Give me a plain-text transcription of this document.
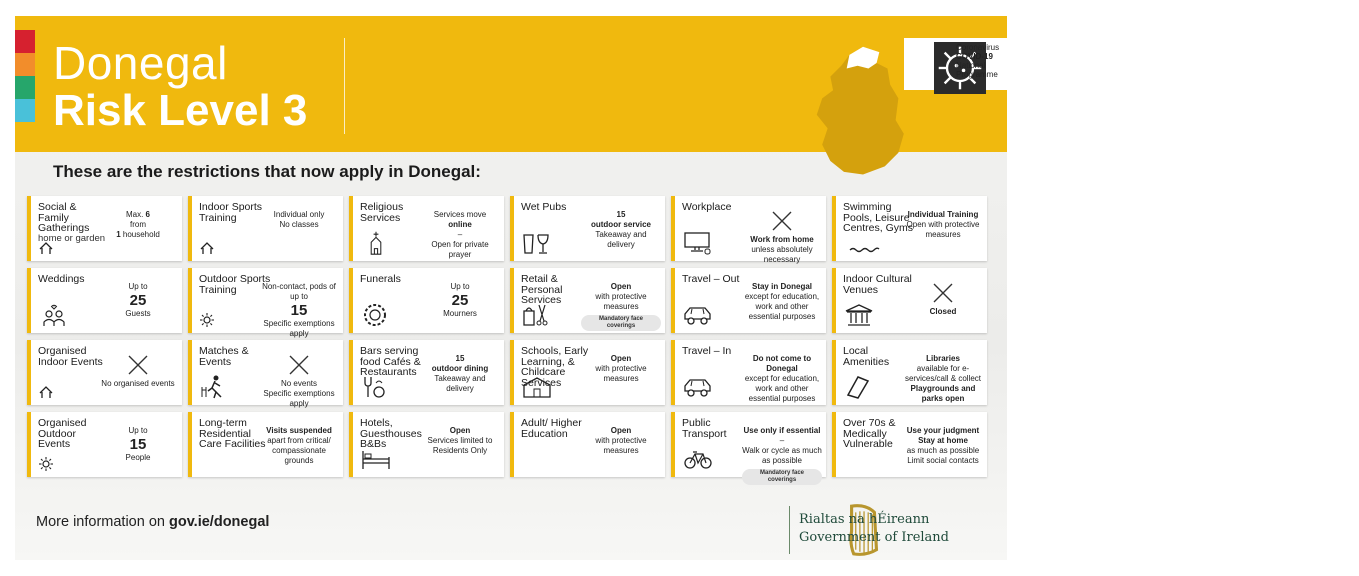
Donegal
Risk Level 3
Coronavirus
COVID-19
National
Programme
These are the restrictions that now apply in Donegal:
Social & Family Gatherings
home or garden
Max. 6
from
1 household
Indoor Sports Training	Individual only
No classes
Religious Services	Services move
online
–
Open for private prayer
Wet Pubs
15
outdoor service
Takeaway and delivery
Workplace
Work from home
unless absolutely necessary
Swimming Pools, Leisure Centres, Gyms
Individual Training
Open with protective measures
Weddings
Up to
25
Guests
Outdoor Sports Training	Non-contact, pods of up to
15
Specific exemptions apply
Funerals
Up to
25
Mourners
Retail & Personal Services
Open
with protective measures
Mandatory face coverings
Travel – Out
Stay in Donegal
except for education, work and other essential purposes
Indoor Cultural Venues
Closed
Organised Indoor Events
No organised events
Matches & Events
No events
Specific exemptions apply
Bars serving food Cafés & Restaurants
15
outdoor dining
Takeaway and delivery
Schools, Early Learning, & Childcare Services
Open
with protective measures
Travel – In
Do not come to Donegal
except for education, work and other essential purposes
Local Amenities	Libraries
available for e-services/call & collect
Playgrounds and parks open
Organised Outdoor Events
Up to
15
People
Long-term Residential Care Facilities
Visits suspended
apart from critical/ compassionate grounds
Hotels, Guesthouses B&Bs
Open
Services limited to Residents Only
Adult/ Higher Education	Open
with protective measures
Public Transport	Use only if essential
–
Walk or cycle as much as possible
Mandatory face coverings
Over 70s & Medically Vulnerable
Use your judgment
Stay at home
as much as possible
Limit social contacts
More information on gov.ie/donegal	Rialtas na hÉireann
Government of Ireland
